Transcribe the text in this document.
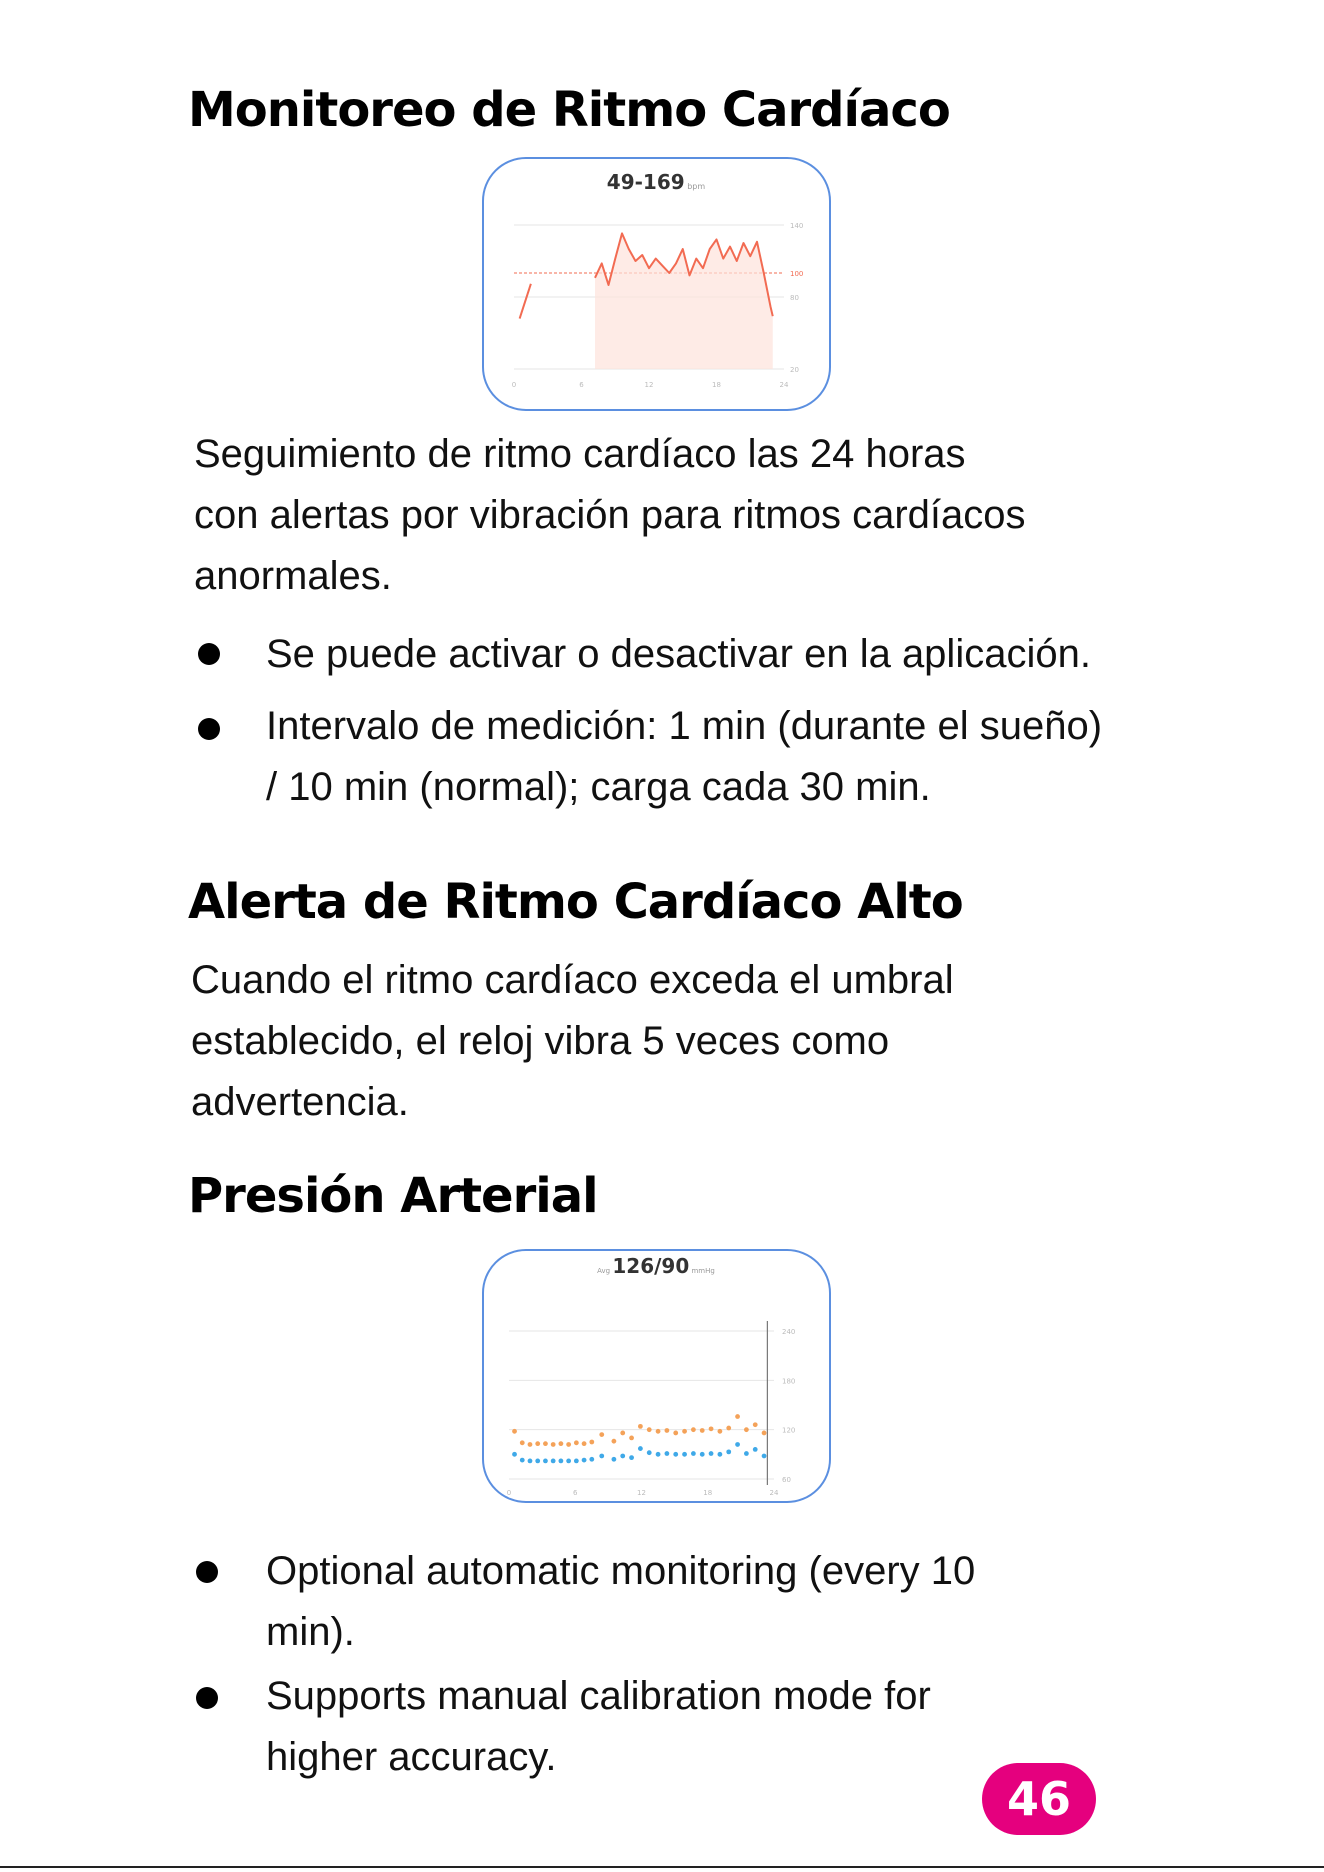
Monitoreo de Ritmo Cardíaco
49-169 bpm
140
100
80
20
0	6	12	18	24

Seguimiento de ritmo cardíaco las 24 horas
con alertas por vibración para ritmos cardíacos
anormales.

Se puede activar o desactivar en la aplicación.
Intervalo de medición: 1 min (durante el sueño)
/ 10 min (normal); carga cada 30 min.
Alerta de Ritmo Cardíaco Alto

Cuando el ritmo cardíaco exceda el umbral
establecido, el reloj vibra 5 veces como
advertencia.

Presión Arterial
Avg 126/90 mmHg
240
180
120
60
0	6	12	18	24
Optional automatic monitoring (every 10
min).
Supports manual calibration mode for
higher accuracy.
46
